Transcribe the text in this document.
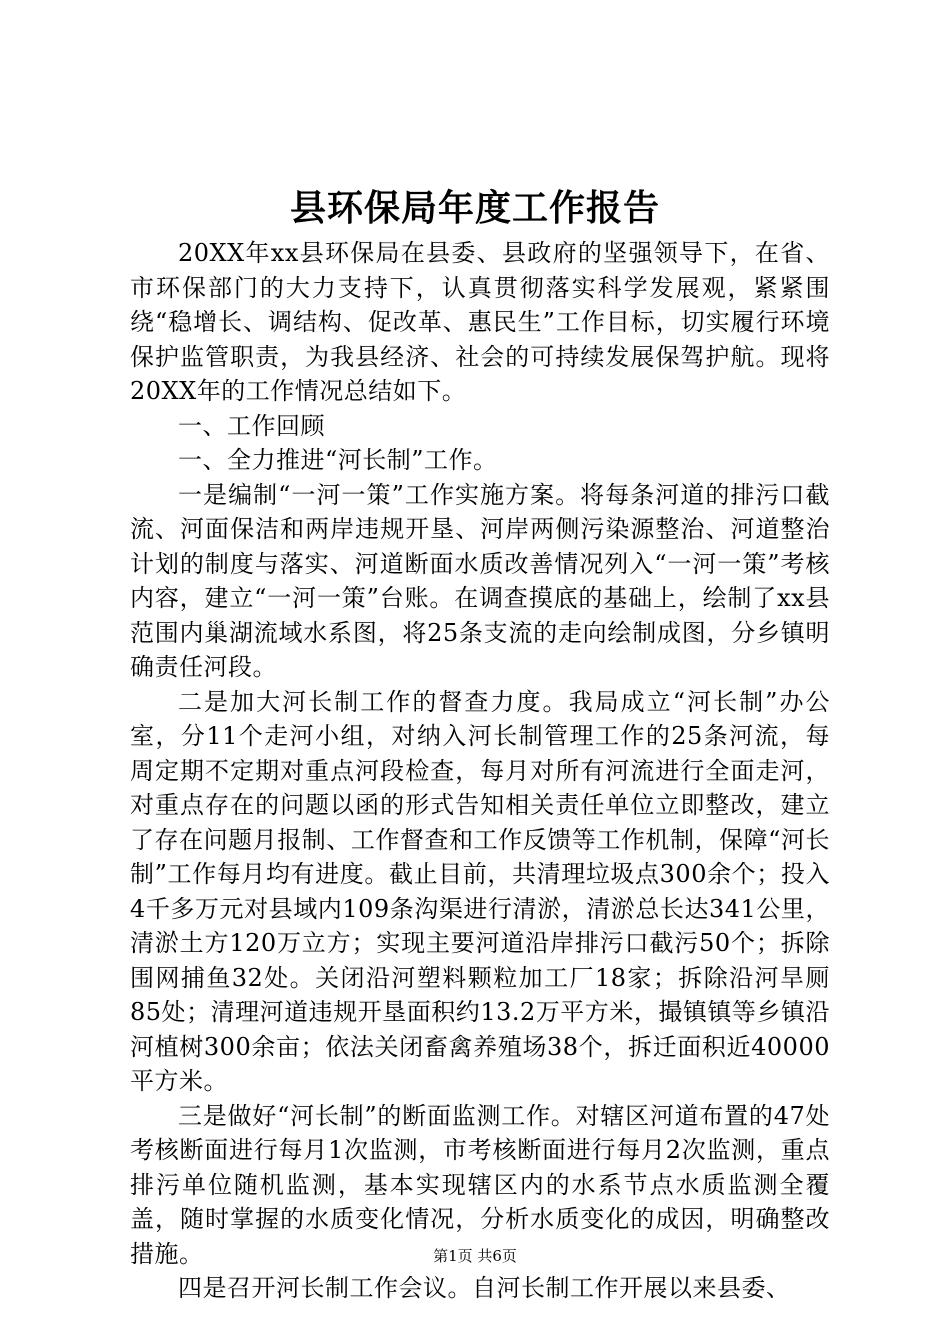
县环保局年度工作报告

20XX年xx县环保局在县委、县政府的坚强领导下，在省、市环保部门的大力支持下，认真贯彻落实科学发展观，紧紧围绕“稳增长、调结构、促改革、惠民生”工作目标，切实履行环境保护监管职责，为我县经济、社会的可持续发展保驾护航。现将20XX年的工作情况总结如下。

一、工作回顾

一、全力推进“河长制”工作。

一是编制“一河一策”工作实施方案。将每条河道的排污口截流、河面保洁和两岸违规开垦、河岸两侧污染源整治、河道整治计划的制度与落实、河道断面水质改善情况列入“一河一策”考核内容，建立“一河一策”台账。在调查摸底的基础上，绘制了xx县范围内巢湖流域水系图，将25条支流的走向绘制成图，分乡镇明确责任河段。

二是加大河长制工作的督查力度。我局成立“河长制”办公室，分11个走河小组，对纳入河长制管理工作的25条河流，每周定期不定期对重点河段检查，每月对所有河流进行全面走河，对重点存在的问题以函的形式告知相关责任单位立即整改，建立了存在问题月报制、工作督查和工作反馈等工作机制，保障“河长制”工作每月均有进度。截止目前，共清理垃圾点300余个；投入4千多万元对县域内109条沟渠进行清淤，清淤总长达341公里，清淤土方120万立方；实现主要河道沿岸排污口截污50个；拆除围网捕鱼32处。关闭沿河塑料颗粒加工厂18家；拆除沿河旱厕85处；清理河道违规开垦面积约13.2万平方米，撮镇镇等乡镇沿河植树300余亩；依法关闭畜禽养殖场38个，拆迁面积近40000平方米。

三是做好“河长制”的断面监测工作。对辖区河道布置的47处考核断面进行每月1次监测，市考核断面进行每月2次监测，重点排污单位随机监测，基本实现辖区内的水系节点水质监测全覆盖，随时掌握的水质变化情况，分析水质变化的成因，明确整改措施。

四是召开河长制工作会议。自河长制工作开展以来县委、

第1页 共6页
